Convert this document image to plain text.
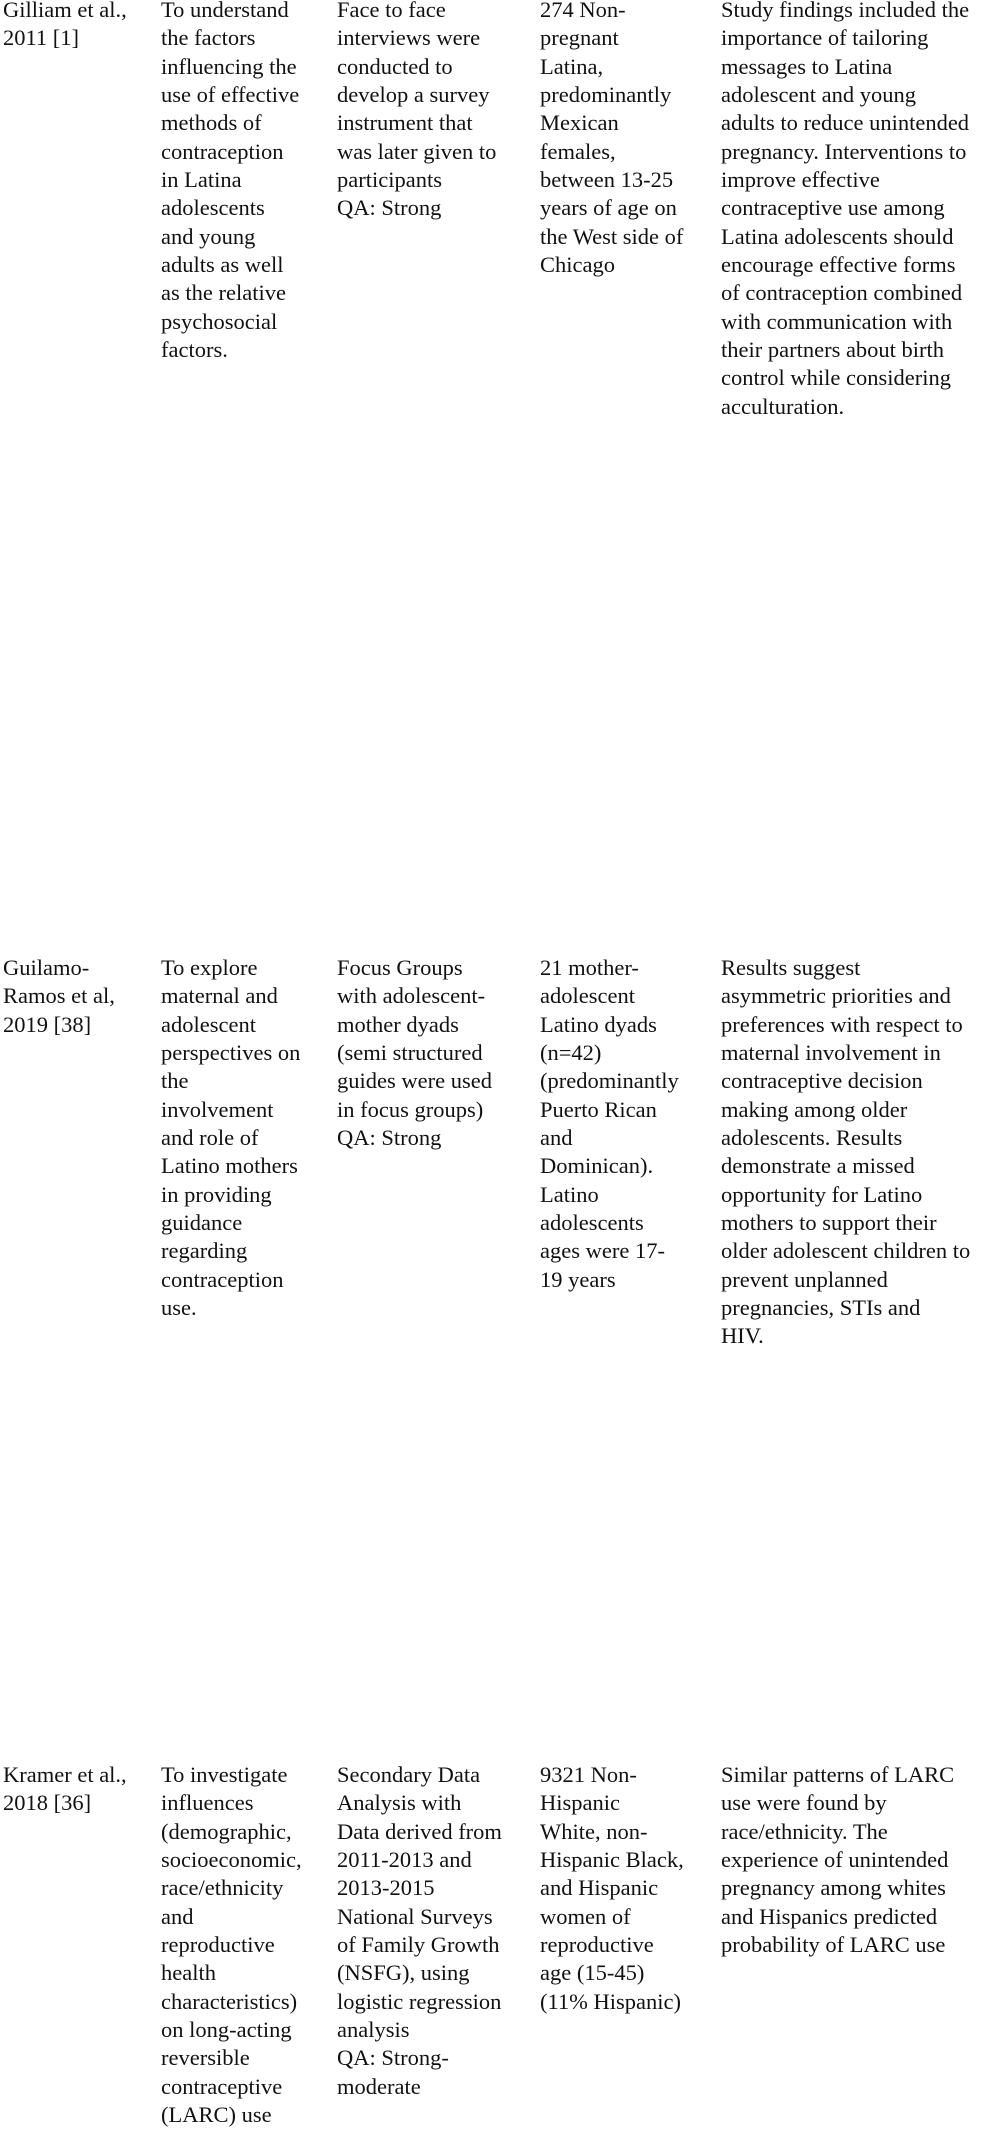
Gilliam et al.,
2011 [1]
To understand
the factors
influencing the
use of effective
methods of
contraception
in Latina
adolescents
and young
adults as well
as the relative
psychosocial
factors.
Face to face
interviews were
conducted to
develop a survey
instrument that
was later given to
participants
QA: Strong
274 Non-
pregnant
Latina,
predominantly
Mexican
females,
between 13-25
years of age on
the West side of
Chicago
Study findings included the
importance of tailoring
messages to Latina
adolescent and young
adults to reduce unintended
pregnancy. Interventions to
improve effective
contraceptive use among
Latina adolescents should
encourage effective forms
of contraception combined
with communication with
their partners about birth
control while considering
acculturation.
Guilamo-
Ramos et al,
2019 [38]
To explore
maternal and
adolescent
perspectives on
the
involvement
and role of
Latino mothers
in providing
guidance
regarding
contraception
use.
Focus Groups
with adolescent-
mother dyads
(semi structured
guides were used
in focus groups)
QA: Strong
21 mother-
adolescent
Latino dyads
(n=42)
(predominantly
Puerto Rican
and
Dominican).
Latino
adolescents
ages were 17-
19 years
Results suggest
asymmetric priorities and
preferences with respect to
maternal involvement in
contraceptive decision
making among older
adolescents. Results
demonstrate a missed
opportunity for Latino
mothers to support their
older adolescent children to
prevent unplanned
pregnancies, STIs and
HIV.
Kramer et al.,
2018 [36]
To investigate
influences
(demographic,
socioeconomic,
race/ethnicity
and
reproductive
health
characteristics)
on long-acting
reversible
contraceptive
(LARC) use
Secondary Data
Analysis with
Data derived from
2011-2013 and
2013-2015
National Surveys
of Family Growth
(NSFG), using
logistic regression
analysis
QA: Strong-
moderate
9321 Non-
Hispanic
White, non-
Hispanic Black,
and Hispanic
women of
reproductive
age (15-45)
(11% Hispanic)
Similar patterns of LARC
use were found by
race/ethnicity. The
experience of unintended
pregnancy among whites
and Hispanics predicted
probability of LARC use
